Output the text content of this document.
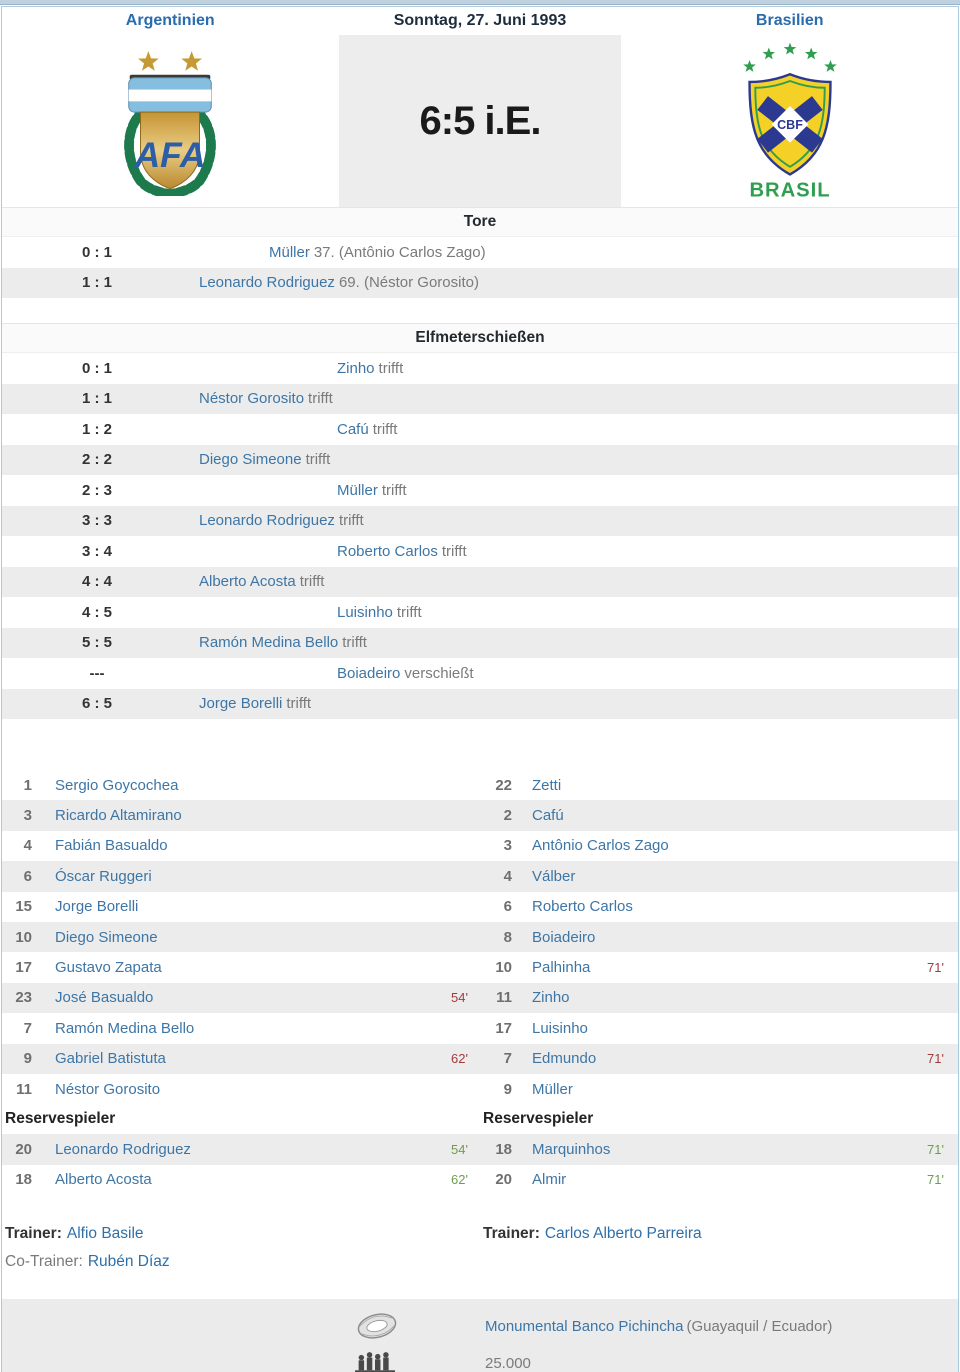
Argentinien	Sonntag, 27. Juni 1993	Brasilien
AFA
6:5 i.E.	CBF
BRASIL
Tore
0 : 1	Müller 37. (Antônio Carlos Zago)
1 : 1	Leonardo Rodriguez 69. (Néstor Gorosito)
Elfmeterschießen
0 : 1	Zinho trifft
1 : 1	Néstor Gorosito trifft
1 : 2	Cafú trifft
2 : 2	Diego Simeone trifft
2 : 3	Müller trifft
3 : 3	Leonardo Rodriguez trifft
3 : 4	Roberto Carlos trifft
4 : 4	Alberto Acosta trifft
4 : 5	Luisinho trifft
5 : 5	Ramón Medina Bello trifft
---	Boiadeiro verschießt
6 : 5	Jorge Borelli trifft
1 Sergio Goycochea	22 Zetti
3 Ricardo Altamirano	2 Cafú
4 Fabián Basualdo	3 Antônio Carlos Zago
6 Óscar Ruggeri	4 Válber
15 Jorge Borelli	6 Roberto Carlos
10 Diego Simeone	8 Boiadeiro
17 Gustavo Zapata	10 Palhinha	71'
23 José Basualdo	54'	11 Zinho
7 Ramón Medina Bello	17 Luisinho
9 Gabriel Batistuta	62'	7 Edmundo	71'
11 Néstor Gorosito	9 Müller
Reservespieler	Reservespieler
20 Leonardo Rodriguez	54'	18 Marquinhos	71'
18 Alberto Acosta	62'	20 Almir	71'
Trainer: Alfio Basile	Trainer: Carlos Alberto Parreira
Co-Trainer: Rubén Díaz
Monumental Banco Pichincha (Guayaquil / Ecuador)
25.000
